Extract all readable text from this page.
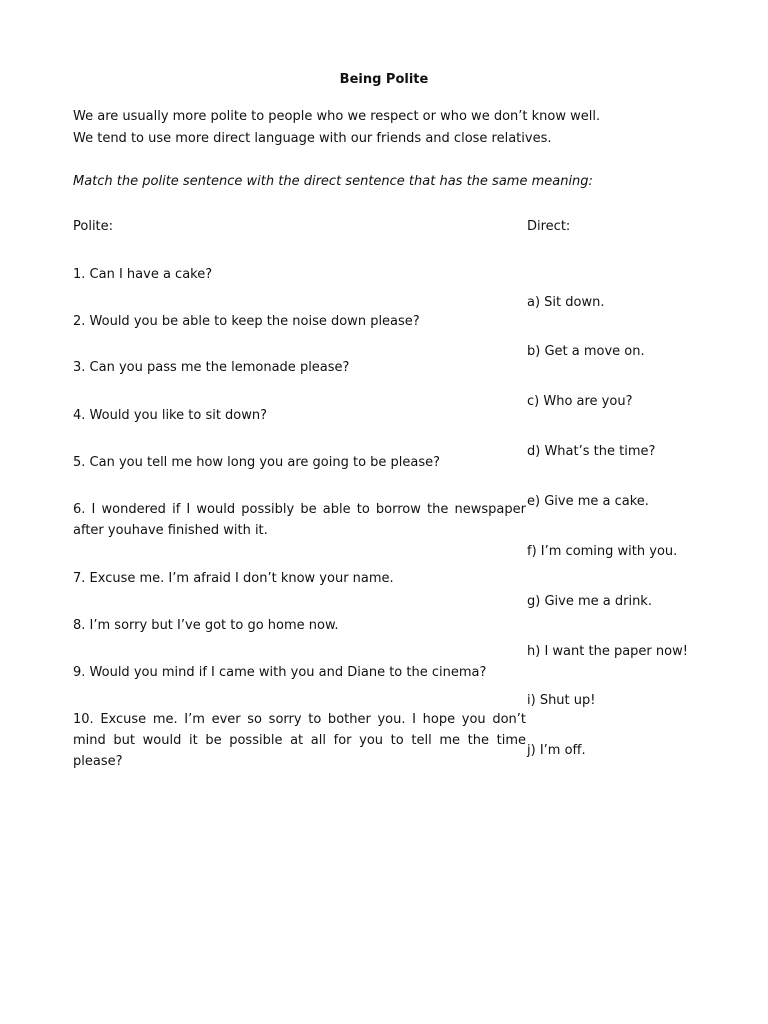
Being Polite
We are usually more polite to people who we respect or who we don’t know well.
We tend to use more direct language with our friends and close relatives.
Match the polite sentence with the direct sentence that has the same meaning:
Polite:	Direct:
1. Can I have a cake?
2. Would you be able to keep the noise down please?
3. Can you pass me the lemonade please?
4. Would you like to sit down?
5. Can you tell me how long you are going to be please?
6. I wondered if I would possibly be able to borrow the newspaper after youhave finished with it.
7. Excuse me. I’m afraid I don’t know your name.
8. I’m sorry but I’ve got to go home now.
9. Would you mind if I came with you and Diane to the cinema?
10. Excuse me. I’m ever so sorry to bother you. I hope you don’t mind but would it be possible at all for you to tell me the time please?
a) Sit down.
b) Get a move on.
c) Who are you?
d) What’s the time?
e) Give me a cake.
f) I’m coming with you.
g) Give me a drink.
h) I want the paper now!
i) Shut up!
j) I’m off.
